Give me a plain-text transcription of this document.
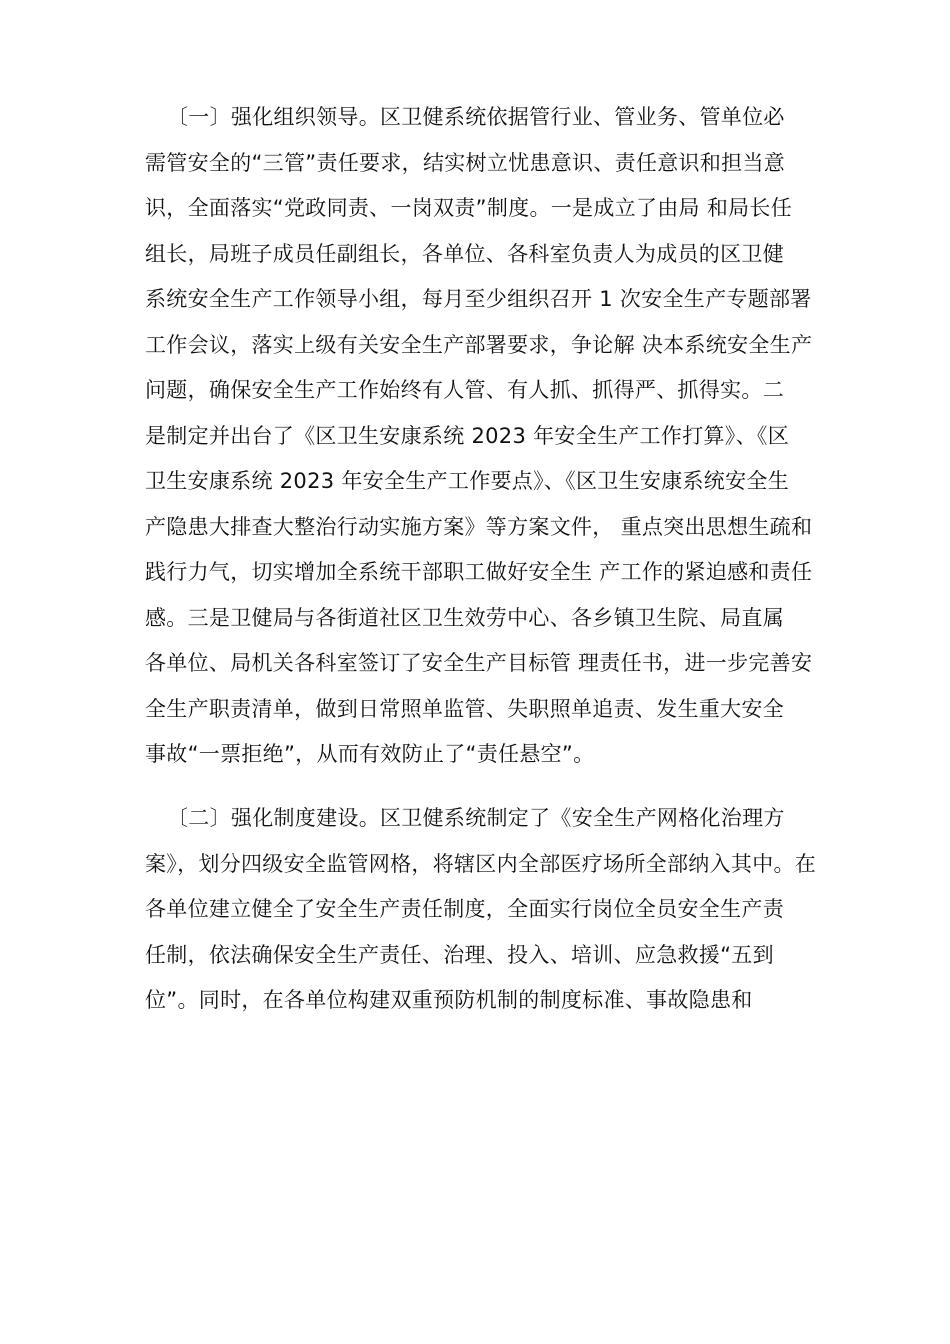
〔一〕强化组织领导。区卫健系统依据管行业、管业务、管单位必
需管安全的“三管”责任要求，结实树立忧患意识、责任意识和担当意
识，全面落实“党政同责、一岗双责”制度。一是成立了由局 和局长任
组长，局班子成员任副组长，各单位、各科室负责人为成员的区卫健
系统安全生产工作领导小组，每月至少组织召开 1 次安全生产专题部署
工作会议，落实上级有关安全生产部署要求，争论解 决本系统安全生产
问题，确保安全生产工作始终有人管、有人抓、抓得严、抓得实。二
是制定并出台了《区卫生安康系统 2023 年安全生产工作打算》、《区
卫生安康系统 2023 年安全生产工作要点》、《区卫生安康系统安全生
产隐患大排查大整治行动实施方案》等方案文件， 重点突出思想生疏和
践行力气，切实增加全系统干部职工做好安全生 产工作的紧迫感和责任
感。三是卫健局与各街道社区卫生效劳中心、各乡镇卫生院、局直属
各单位、局机关各科室签订了安全生产目标管 理责任书，进一步完善安
全生产职责清单，做到日常照单监管、失职照单追责、发生重大安全
事故“一票拒绝”，从而有效防止了“责任悬空”。
〔二〕强化制度建设。区卫健系统制定了《安全生产网格化治理方
案》，划分四级安全监管网格，将辖区内全部医疗场所全部纳入其中。在
各单位建立健全了安全生产责任制度，全面实行岗位全员安全生产责
任制，依法确保安全生产责任、治理、投入、培训、应急救援“五到
位”。同时，在各单位构建双重预防机制的制度标准、事故隐患和
